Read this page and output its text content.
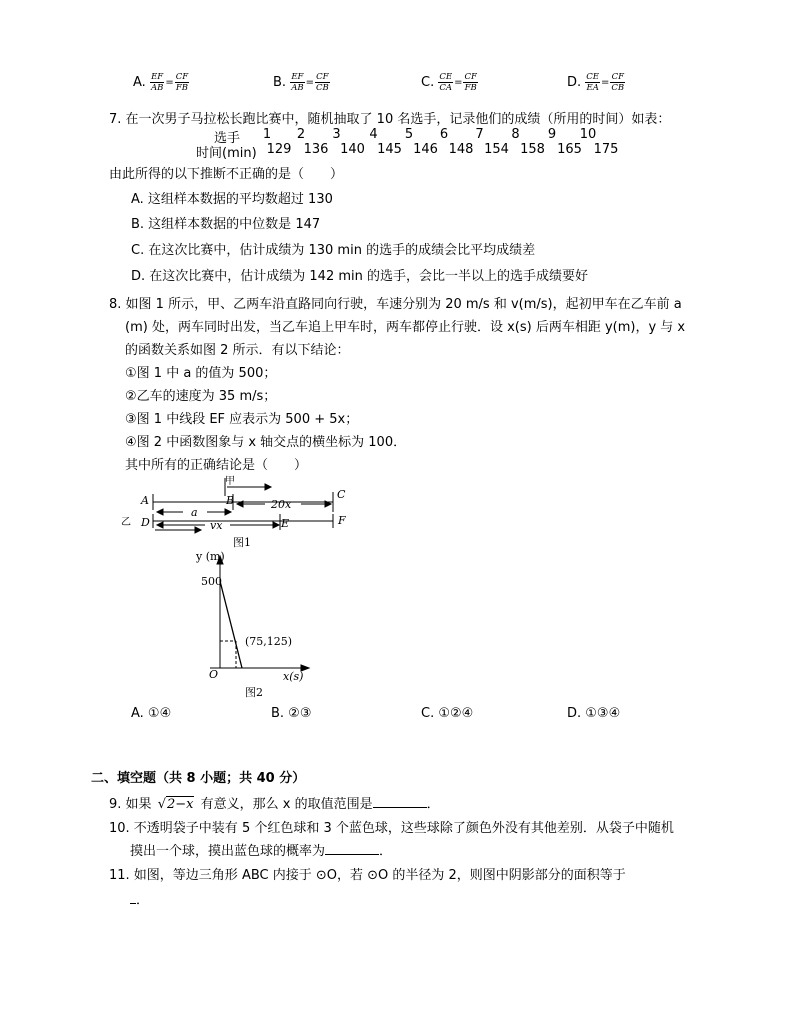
A. $\frac{EF}{AB} = \frac{CF}{FB}$	B. $\frac{EF}{AB} = \frac{CF}{CB}$	C. $\frac{CE}{CA} = \frac{CF}{FB}$	D. $\frac{CE}{EA} = \frac{CF}{CB}$
7. 在一次男子马拉松长跑比赛中，随机抽取了 10 名选手，记录他们的成绩（所用的时间）如表：
选手	1	2	3	4	5	6	7	8	9	10
时间(min) 129 136 140 145 146 148 154 158 165 175
由此所得的以下推断不正确的是（　　）
A. 这组样本数据的平均数超过 130
B. 这组样本数据的中位数是 147
C. 在这次比赛中，估计成绩为 130 min 的选手的成绩会比平均成绩差
D. 在这次比赛中，估计成绩为 142 min 的选手，会比一半以上的选手成绩要好
8. 如图 1 所示，甲、乙两车沿直路同向行驶，车速分别为 20 m/s 和 v(m/s)，起初甲车在乙车前 a
(m) 处，两车同时出发，当乙车追上甲车时，两车都停止行驶．设 x(s) 后两车相距 y(m)，y 与 x
的函数关系如图 2 所示．有以下结论：
①图 1 中 a 的值为 500；
②乙车的速度为 35 m/s；
③图 1 中线段 EF 应表示为 500 + 5x；
④图 2 中函数图象与 x 轴交点的横坐标为 100．
其中所有的正确结论是（　　）
甲
A	B	C
a
20x
乙 D	vx	E	F
图1
y (m)
500
(75,125)
O	x(s)
图2
A. ①④	B. ②③	C. ①②④	D. ①③④
二、填空题（共 8 小题；共 40 分）
9. 如果 √2−x 有意义，那么 x 的取值范围是	．
10. 不透明袋子中装有 5 个红色球和 3 个蓝色球，这些球除了颜色外没有其他差别．从袋子中随机
摸出一个球，摸出蓝色球的概率为	．
11. 如图，等边三角形 ABC 内接于 ⊙O，若 ⊙O 的半径为 2，则图中阴影部分的面积等于
．
